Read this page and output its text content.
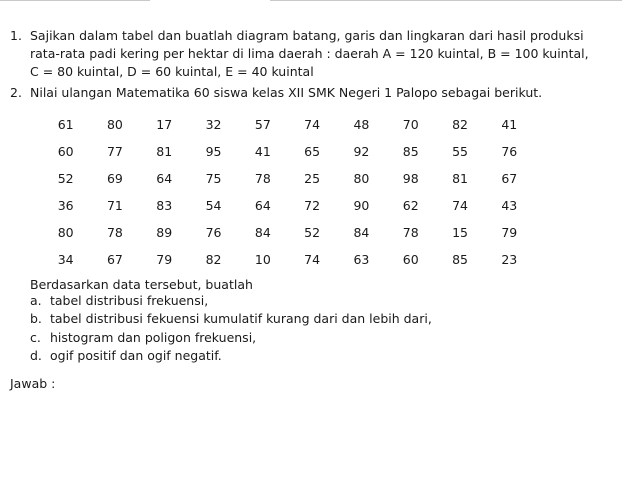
1. Sajikan dalam tabel dan buatlah diagram batang, garis dan lingkaran dari hasil produksi
rata-rata padi kering per hektar di lima daerah : daerah A = 120 kuintal, B = 100 kuintal,
C = 80 kuintal, D = 60 kuintal, E = 40 kuintal
2. Nilai ulangan Matematika 60 siswa kelas XII SMK Negeri 1 Palopo sebagai berikut.
61	80	17	32	57	74	48	70	82	41
60	77	81	95	41	65	92	85	55	76
52	69	64	75	78	25	80	98	81	67
36	71	83	54	64	72	90	62	74	43
80	78	89	76	84	52	84	78	15	79
34	67	79	82	10	74	63	60	85	23
Berdasarkan data tersebut, buatlah
a. tabel distribusi frekuensi,
b. tabel distribusi fekuensi kumulatif kurang dari dan lebih dari,
c. histogram dan poligon frekuensi,
d. ogif positif dan ogif negatif.
Jawab :
